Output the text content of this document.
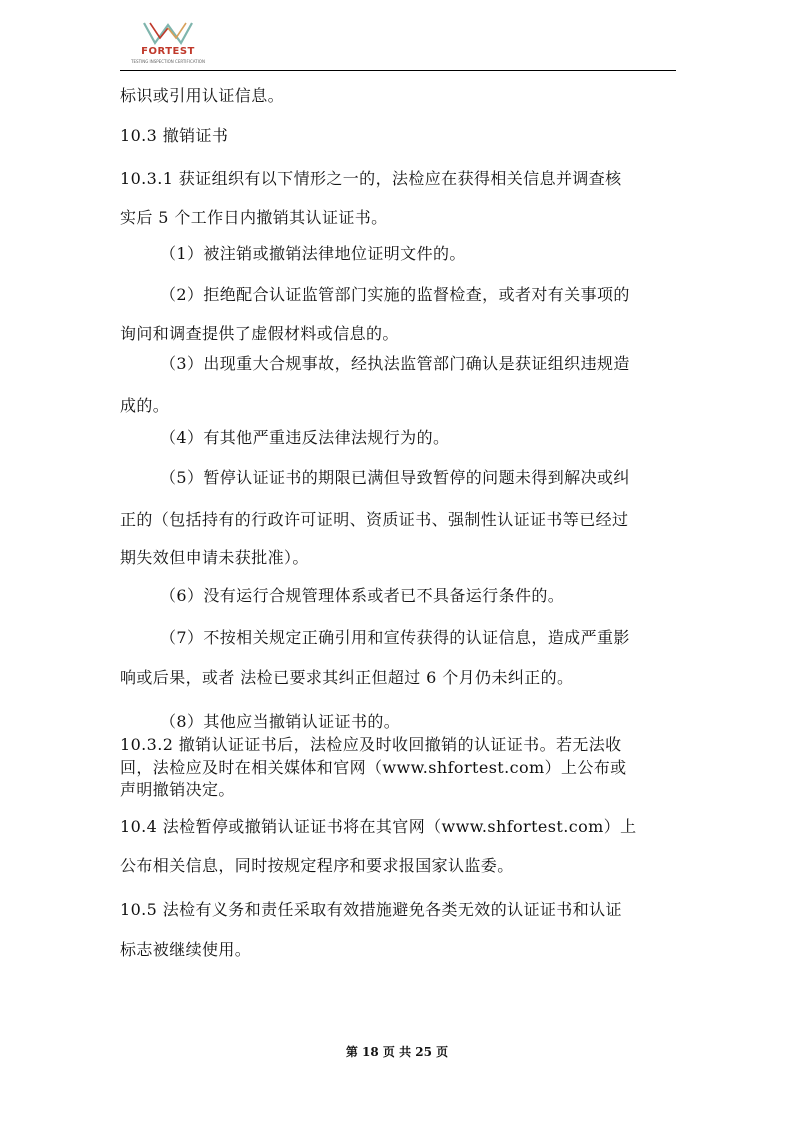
FORTEST
TESTING INSPECTION CERTIFICATION
标识或引用认证信息。
10.3 撤销证书
10.3.1 获证组织有以下情形之一的，法检应在获得相关信息并调查核
实后 5 个工作日内撤销其认证证书。
（1）被注销或撤销法律地位证明文件的。
（2）拒绝配合认证监管部门实施的监督检查，或者对有关事项的
询问和调查提供了虚假材料或信息的。
（3）出现重大合规事故，经执法监管部门确认是获证组织违规造
成的。
（4）有其他严重违反法律法规行为的。
（5）暂停认证证书的期限已满但导致暂停的问题未得到解决或纠
正的（包括持有的行政许可证明、资质证书、强制性认证证书等已经过
期失效但申请未获批准）。
（6）没有运行合规管理体系或者已不具备运行条件的。
（7）不按相关规定正确引用和宣传获得的认证信息，造成严重影
响或后果，或者 法检已要求其纠正但超过 6 个月仍未纠正的。
（8）其他应当撤销认证证书的。
10.3.2 撤销认证证书后，法检应及时收回撤销的认证证书。若无法收
回，法检应及时在相关媒体和官网（www.shfortest.com）上公布或
声明撤销决定。
10.4 法检暂停或撤销认证证书将在其官网（www.shfortest.com）上
公布相关信息，同时按规定程序和要求报国家认监委。
10.5 法检有义务和责任采取有效措施避免各类无效的认证证书和认证
标志被继续使用。
第 18 页 共 25 页
